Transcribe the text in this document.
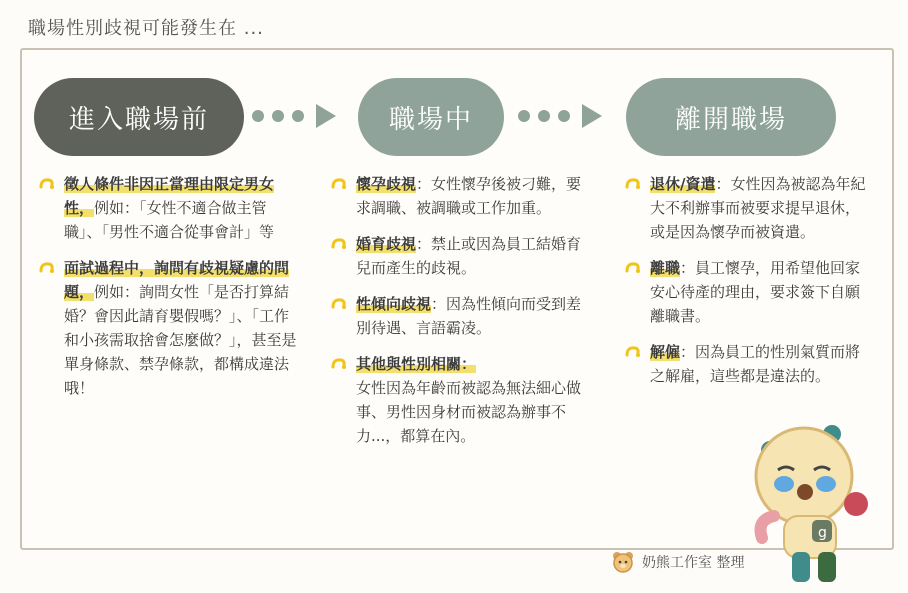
職場性別歧視可能發生在 ...
進入職場前	職場中	離開職場
徵人條件非因正當理由限定男女性，例如：「女性不適合做主管職」、「男性不適合從事會計」等
面試過程中，詢問有歧視疑慮的問題，例如：詢問女性「是否打算結婚？會因此請育嬰假嗎？」、「工作和小孩需取捨會怎麼做？」，甚至是單身條款、禁孕條款，都構成違法哦！
懷孕歧視：女性懷孕後被刁難，要求調職、被調職或工作加重。
婚育歧視：禁止或因為員工結婚育兒而產生的歧視。
性傾向歧視：因為性傾向而受到差別待遇、言語霸凌。
其他與性別相關：
女性因為年齡而被認為無法細心做事、男性因身材而被認為辦事不力...，都算在內。
退休/資遣：女性因為被認為年紀大不利辦事而被要求提早退休，或是因為懷孕而被資遣。
離職：員工懷孕，用希望他回家安心待產的理由，要求簽下自願離職書。
解僱：因為員工的性別氣質而將之解雇，這些都是違法的。
g
奶熊工作室 整理
